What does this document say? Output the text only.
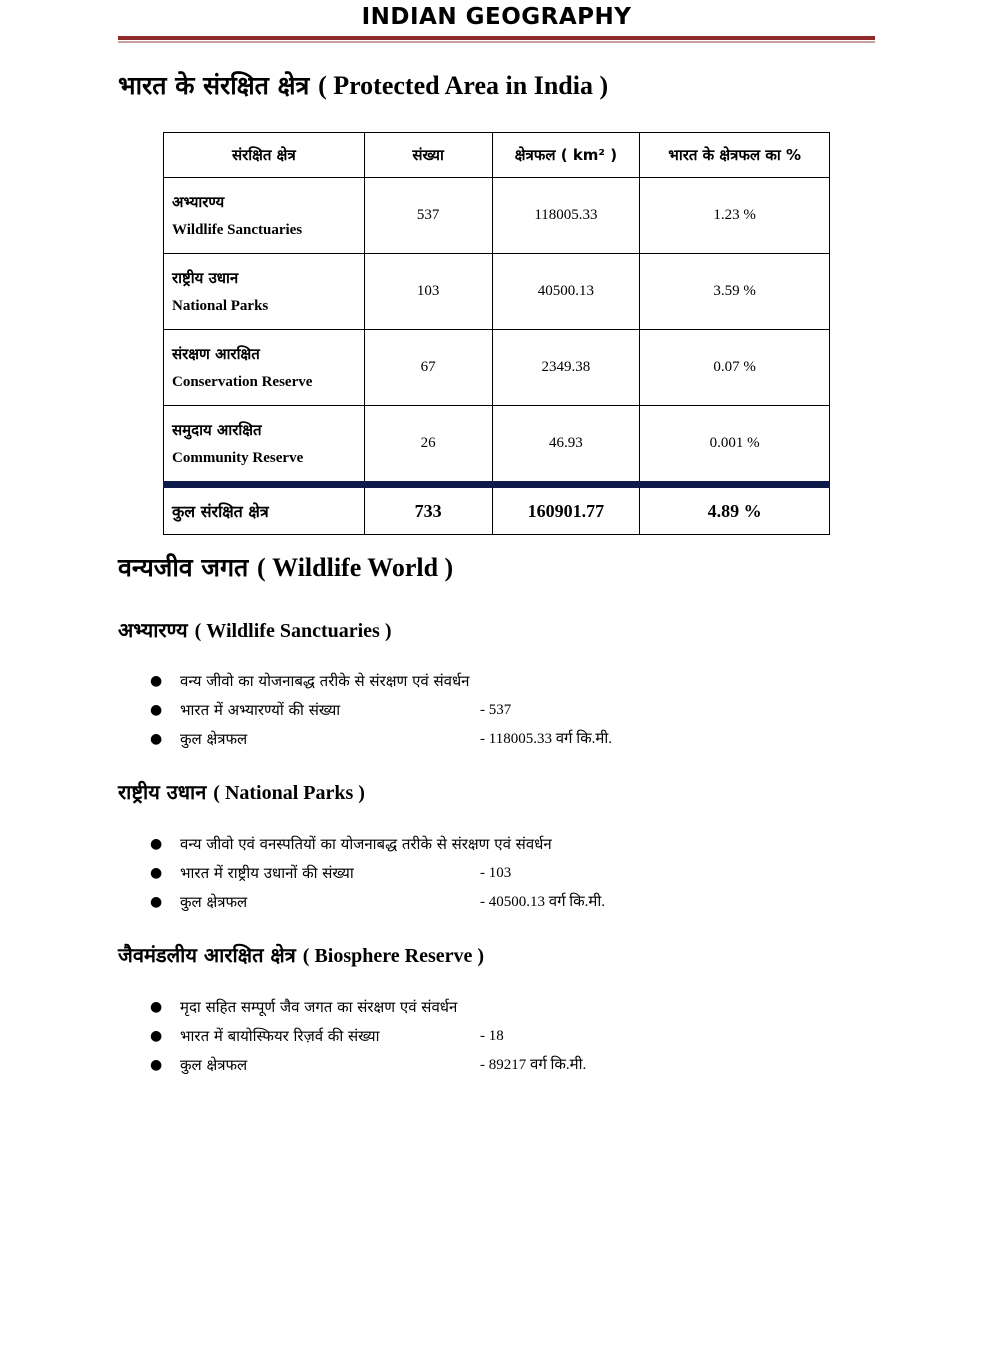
INDIAN GEOGRAPHY
भारत के संरक्षित क्षेत्र ( Protected Area in India )
संरक्षित क्षेत्र	संख्या	क्षेत्रफल ( km² )	भारत के क्षेत्रफल का %

अभ्यारण्य
Wildlife Sanctuaries	537	118005.33	1.23 %

राष्ट्रीय उधान
National Parks	103	40500.13	3.59 %

संरक्षण आरक्षित
Conservation Reserve	67	2349.38	0.07 %

समुदाय आरक्षित
Community Reserve	26	46.93	0.001 %
कुल संरक्षित क्षेत्र	733	160901.77	4.89 %
वन्यजीव जगत ( Wildlife World )
अभ्यारण्य ( Wildlife Sanctuaries )
● वन्य जीवो का योजनाबद्ध तरीके से संरक्षण एवं संवर्धन
● भारत में अभ्यारण्यों की संख्या	- 537
● कुल क्षेत्रफल	- 118005.33 वर्ग कि.मी.
राष्ट्रीय उधान ( National Parks )
● वन्य जीवो एवं वनस्पतियों का योजनाबद्ध तरीके से संरक्षण एवं संवर्धन
● भारत में राष्ट्रीय उधानों की संख्या	- 103
● कुल क्षेत्रफल	- 40500.13 वर्ग कि.मी.
जैवमंडलीय आरक्षित क्षेत्र ( Biosphere Reserve )
● मृदा सहित सम्पूर्ण जैव जगत का संरक्षण एवं संवर्धन
● भारत में बायोस्फियर रिज़र्व की संख्या	- 18
● कुल क्षेत्रफल	- 89217 वर्ग कि.मी.
